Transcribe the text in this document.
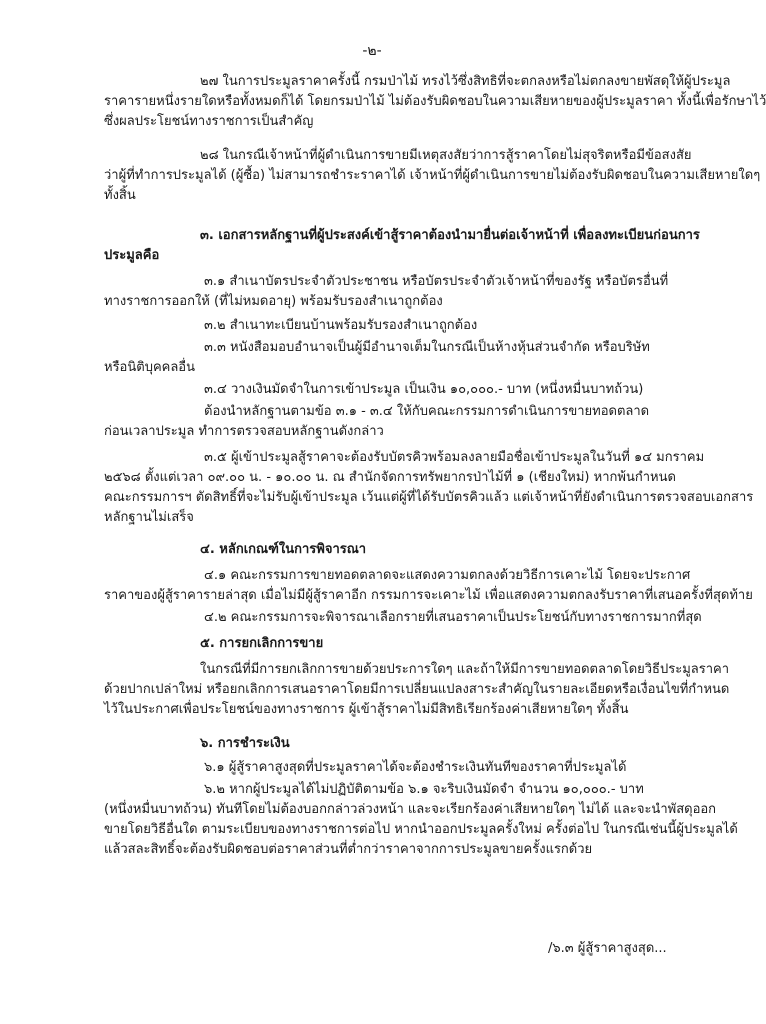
-๒-

๒๗ ในการประมูลราคาครั้งนี้ กรมป่าไม้ ทรงไว้ซึ่งสิทธิที่จะตกลงหรือไม่ตกลงขายพัสดุให้ผู้ประมูล

ราคารายหนึ่งรายใดหรือทั้งหมดก็ได้ โดยกรมป่าไม้ ไม่ต้องรับผิดชอบในความเสียหายของผู้ประมูลราคา ทั้งนี้เพื่อรักษาไว้

ซึ่งผลประโยชน์ทางราชการเป็นสำคัญ

๒๘ ในกรณีเจ้าหน้าที่ผู้ดำเนินการขายมีเหตุสงสัยว่าการสู้ราคาโดยไม่สุจริตหรือมีข้อสงสัย

ว่าผู้ที่ทำการประมูลได้ (ผู้ซื้อ) ไม่สามารถชำระราคาได้ เจ้าหน้าที่ผู้ดำเนินการขายไม่ต้องรับผิดชอบในความเสียหายใดๆ

ทั้งสิ้น

๓. เอกสารหลักฐานที่ผู้ประสงค์เข้าสู้ราคาต้องนำมายื่นต่อเจ้าหน้าที่ เพื่อลงทะเบียนก่อนการ

ประมูลคือ

๓.๑ สำเนาบัตรประจำตัวประชาชน หรือบัตรประจำตัวเจ้าหน้าที่ของรัฐ หรือบัตรอื่นที่

ทางราชการออกให้ (ที่ไม่หมดอายุ) พร้อมรับรองสำเนาถูกต้อง

๓.๒ สำเนาทะเบียนบ้านพร้อมรับรองสำเนาถูกต้อง

๓.๓ หนังสือมอบอำนาจเป็นผู้มีอำนาจเต็มในกรณีเป็นห้างหุ้นส่วนจำกัด หรือบริษัท

หรือนิติบุคคลอื่น

๓.๔ วางเงินมัดจำในการเข้าประมูล เป็นเงิน ๑๐,๐๐๐.- บาท (หนึ่งหมื่นบาทถ้วน)

ต้องนำหลักฐานตามข้อ ๓.๑ - ๓.๔ ให้กับคณะกรรมการดำเนินการขายทอดตลาด

ก่อนเวลาประมูล ทำการตรวจสอบหลักฐานดังกล่าว

๓.๕ ผู้เข้าประมูลสู้ราคาจะต้องรับบัตรคิวพร้อมลงลายมือชื่อเข้าประมูลในวันที่ ๑๔ มกราคม

๒๕๖๘ ตั้งแต่เวลา ๐๙.๐๐ น. - ๑๐.๐๐ น. ณ สำนักจัดการทรัพยากรป่าไม้ที่ ๑ (เชียงใหม่) หากพ้นกำหนด

คณะกรรมการฯ ตัดสิทธิ์ที่จะไม่รับผู้เข้าประมูล เว้นแต่ผู้ที่ได้รับบัตรคิวแล้ว แต่เจ้าหน้าที่ยังดำเนินการตรวจสอบเอกสาร

หลักฐานไม่เสร็จ

๔. หลักเกณฑ์ในการพิจารณา

๔.๑ คณะกรรมการขายทอดตลาดจะแสดงความตกลงด้วยวิธีการเคาะไม้ โดยจะประกาศ

ราคาของผู้สู้ราคารายล่าสุด เมื่อไม่มีผู้สู้ราคาอีก กรรมการจะเคาะไม้ เพื่อแสดงความตกลงรับราคาที่เสนอครั้งที่สุดท้าย

๔.๒ คณะกรรมการจะพิจารณาเลือกรายที่เสนอราคาเป็นประโยชน์กับทางราชการมากที่สุด

๕. การยกเลิกการขาย

ในกรณีที่มีการยกเลิกการขายด้วยประการใดๆ และถ้าให้มีการขายทอดตลาดโดยวิธีประมูลราคา

ด้วยปากเปล่าใหม่ หรือยกเลิกการเสนอราคาโดยมีการเปลี่ยนแปลงสาระสำคัญในรายละเอียดหรือเงื่อนไขที่กำหนด

ไว้ในประกาศเพื่อประโยชน์ของทางราชการ ผู้เข้าสู้ราคาไม่มีสิทธิเรียกร้องค่าเสียหายใดๆ ทั้งสิ้น

๖. การชำระเงิน

๖.๑ ผู้สู้ราคาสูงสุดที่ประมูลราคาได้จะต้องชำระเงินทันทีของราคาที่ประมูลได้

๖.๒ หากผู้ประมูลได้ไม่ปฏิบัติตามข้อ ๖.๑ จะริบเงินมัดจำ จำนวน ๑๐,๐๐๐.- บาท

(หนึ่งหมื่นบาทถ้วน) ทันทีโดยไม่ต้องบอกกล่าวล่วงหน้า และจะเรียกร้องค่าเสียหายใดๆ ไม่ได้ และจะนำพัสดุออก

ขายโดยวิธีอื่นใด ตามระเบียบของทางราชการต่อไป หากนำออกประมูลครั้งใหม่ ครั้งต่อไป ในกรณีเช่นนี้ผู้ประมูลได้

แล้วสละสิทธิ์จะต้องรับผิดชอบต่อราคาส่วนที่ต่ำกว่าราคาจากการประมูลขายครั้งแรกด้วย

/๖.๓ ผู้สู้ราคาสูงสุด...
